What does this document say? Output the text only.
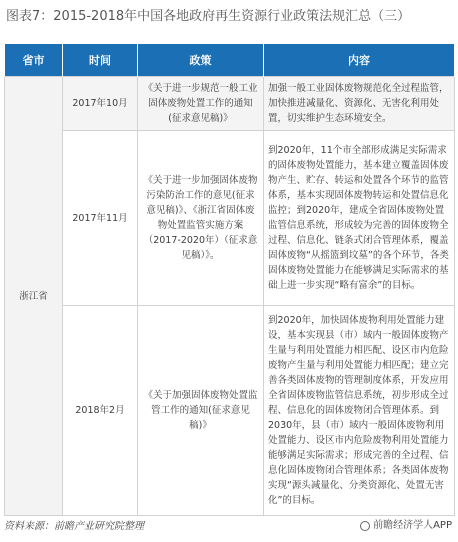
图表7：2015-2018年中国各地政府再生资源行业政策法规汇总（三）
省市	时间	政策	内容
浙江省	2017年10月	《关于进一步规范一般工业固体废物处置工作的通知(征求意见稿)》	加强一般工业固体废物规范化全过程监管，加快推进减量化、资源化、无害化利用处置，切实维护生态环境安全。
	2017年11月	《关于进一步加强固体废物污染防治工作的意见(征求意见稿)》、《浙江省固体废物处置监管实施方案（2017-2020年）（征求意见稿）》。	到2020年，11个市全部形成满足实际需求的固体废物处置能力，基本建立覆盖固体废物产生、贮存、转运和处置各个环节的监管体系，基本实现固体废物转运和处置信息化监控；到2020年，建成全省固体废物处置监管信息系统，形成较为完善的固体废物全过程、信息化、链条式闭合管理体系，覆盖固体废物“从摇篮到坟墓”的各个环节，各类固体废物处置能力在能够满足实际需求的基础上进一步实现“略有富余”的目标。
	2018年2月	《关于加强固体废物处置监管工作的通知(征求意见稿)》	到2020年，加快固体废物利用处置能力建设，基本实现县（市）域内一般固体废物产生量与利用处置能力相匹配、设区市内危险废物产生量与利用处置能力相匹配；建立完善各类固体废物的管理制度体系，开发应用全省固体废物监管信息系统，初步形成全过程、信息化的固体废物闭合管理体系。到2030年，县（市）域内一般固体废物利用处置能力、设区市内危险废物利用处置能力能够满足实际需求；形成完善的全过程、信息化固体废物闭合管理体系；各类固体废物实现“源头减量化、分类资源化、处置无害化”的目标。
资料来源：前瞻产业研究院整理	前瞻经济学人APP
